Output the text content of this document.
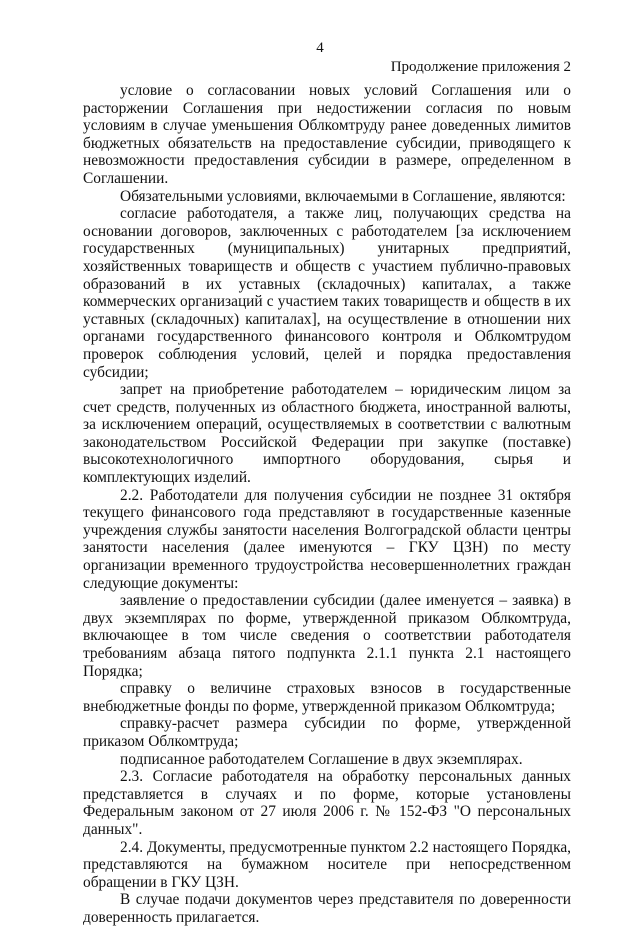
4
Продолжение приложения 2

условие о согласовании новых условий Соглашения или о расторжении Соглашения при недостижении согласия по новым условиям в случае уменьшения Облкомтруду ранее доведенных лимитов бюджетных обязательств на предоставление субсидии, приводящего к невозможности предоставления субсидии в размере, определенном в Соглашении.

Обязательными условиями, включаемыми в Соглашение, являются:

согласие работодателя, а также лиц, получающих средства на основании договоров, заключенных с работодателем [за исключением государственных (муниципальных) унитарных предприятий, хозяйственных товариществ и обществ с участием публично-правовых образований в их уставных (складочных) капиталах, а также коммерческих организаций с участием таких товариществ и обществ в их уставных (складочных) капиталах], на осуществление в отношении них органами государственного финансового контроля и Облкомтрудом проверок соблюдения условий, целей и порядка предоставления субсидии;

запрет на приобретение работодателем – юридическим лицом за счет средств, полученных из областного бюджета, иностранной валюты, за исключением операций, осуществляемых в соответствии с валютным законодательством Российской Федерации при закупке (поставке) высокотехнологичного импортного оборудования, сырья и комплектующих изделий.

2.2. Работодатели для получения субсидии не позднее 31 октября текущего финансового года представляют в государственные казенные учреждения службы занятости населения Волгоградской области центры занятости населения (далее именуются – ГКУ ЦЗН) по месту организации временного трудоустройства несовершеннолетних граждан следующие документы:

заявление о предоставлении субсидии (далее именуется – заявка) в двух экземплярах по форме, утвержденной приказом Облкомтруда, включающее в том числе сведения о соответствии работодателя требованиям абзаца пятого подпункта 2.1.1 пункта 2.1 настоящего Порядка;

справку о величине страховых взносов в государственные внебюджетные фонды по форме, утвержденной приказом Облкомтруда;

справку-расчет размера субсидии по форме, утвержденной приказом Облкомтруда;

подписанное работодателем Соглашение в двух экземплярах.

2.3. Согласие работодателя на обработку персональных данных представляется в случаях и по форме, которые установлены Федеральным законом от 27 июля 2006 г. № 152-ФЗ "О персональных данных".

2.4. Документы, предусмотренные пунктом 2.2 настоящего Порядка, представляются на бумажном носителе при непосредственном обращении в ГКУ ЦЗН.

В случае подачи документов через представителя по доверенности доверенность прилагается.
